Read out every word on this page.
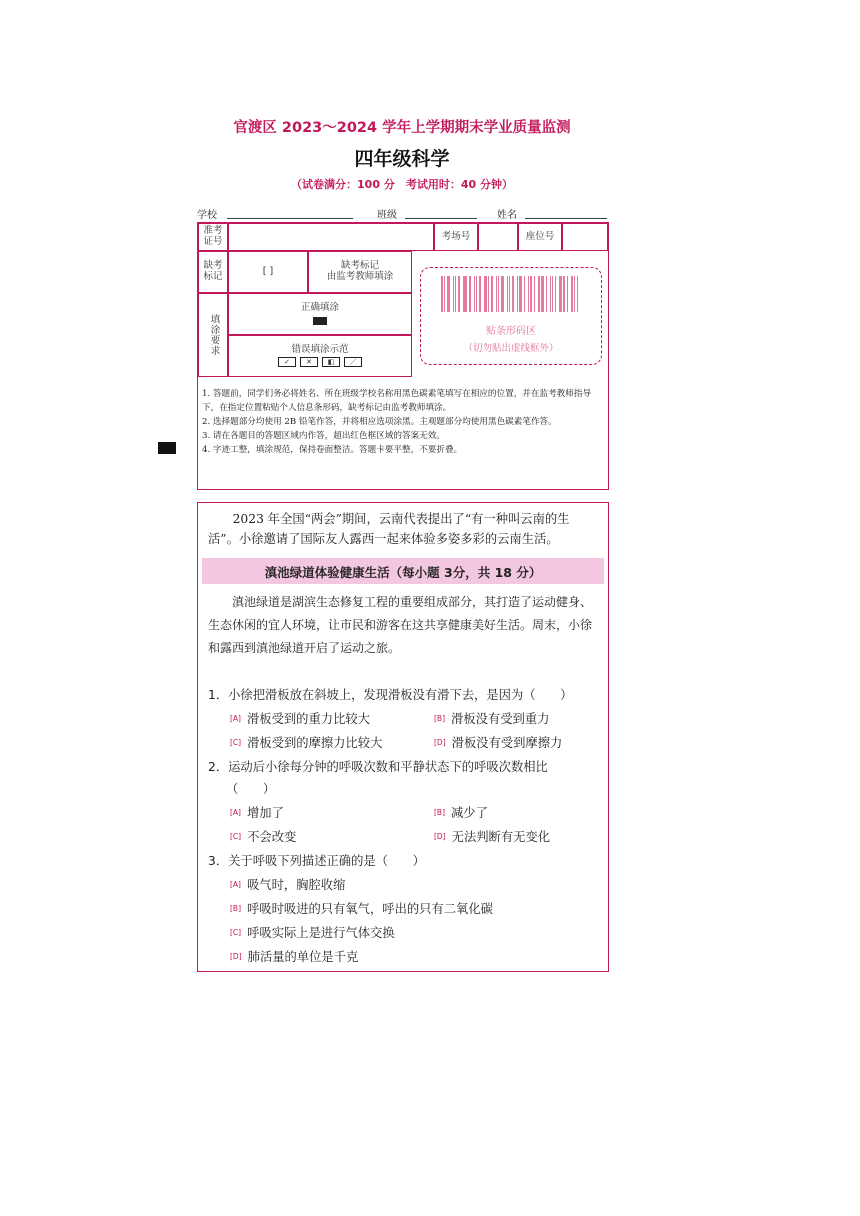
官渡区 2023～2024 学年上学期期末学业质量监测
四年级科学
（试卷满分：100 分　考试用时：40 分钟）
学校	班级	姓名
准考证号	考场号	座位号
缺考标记	[ ]	缺考标记
由监考教师填涂
填涂要求
正确填涂
错误填涂示范
✓	✕	◧	／
贴条形码区
（切勿贴出虚线框外）

1. 答题前，同学们务必将姓名、所在班级学校名称用黑色碳素笔填写在相应的位置，并在监考教师指导下，在指定位置粘贴个人信息条形码，缺考标记由监考教师填涂。

2. 选择题部分均使用 2B 铅笔作答，并将相应选项涂黑。主观题部分均使用黑色碳素笔作答。

3. 请在各题目的答题区域内作答，超出红色框区域的答案无效。

4. 字迹工整，填涂规范，保持卷面整洁。答题卡要平整，不要折叠。

2023 年全国“两会”期间，云南代表提出了“有一种叫云南的生活”。小徐邀请了国际友人露西一起来体验多姿多彩的云南生活。
滇池绿道体验健康生活（每小题 3分，共 18 分）
滇池绿道是湖滨生态修复工程的重要组成部分，其打造了运动健身、生态休闲的宜人环境，让市民和游客在这共享健康美好生活。周末，小徐和露西到滇池绿道开启了运动之旅。
1．小徐把滑板放在斜坡上，发现滑板没有滑下去，是因为（　　）
[A] 滑板受到的重力比较大	[B] 滑板没有受到重力
[C] 滑板受到的摩擦力比较大	[D] 滑板没有受到摩擦力
2．运动后小徐每分钟的呼吸次数和平静状态下的呼吸次数相比
（　　）
[A] 增加了	[B] 减少了
[C] 不会改变	[D] 无法判断有无变化
3．关于呼吸下列描述正确的是（　　）
[A] 吸气时，胸腔收缩
[B] 呼吸时吸进的只有氧气，呼出的只有二氧化碳
[C] 呼吸实际上是进行气体交换
[D] 肺活量的单位是千克
